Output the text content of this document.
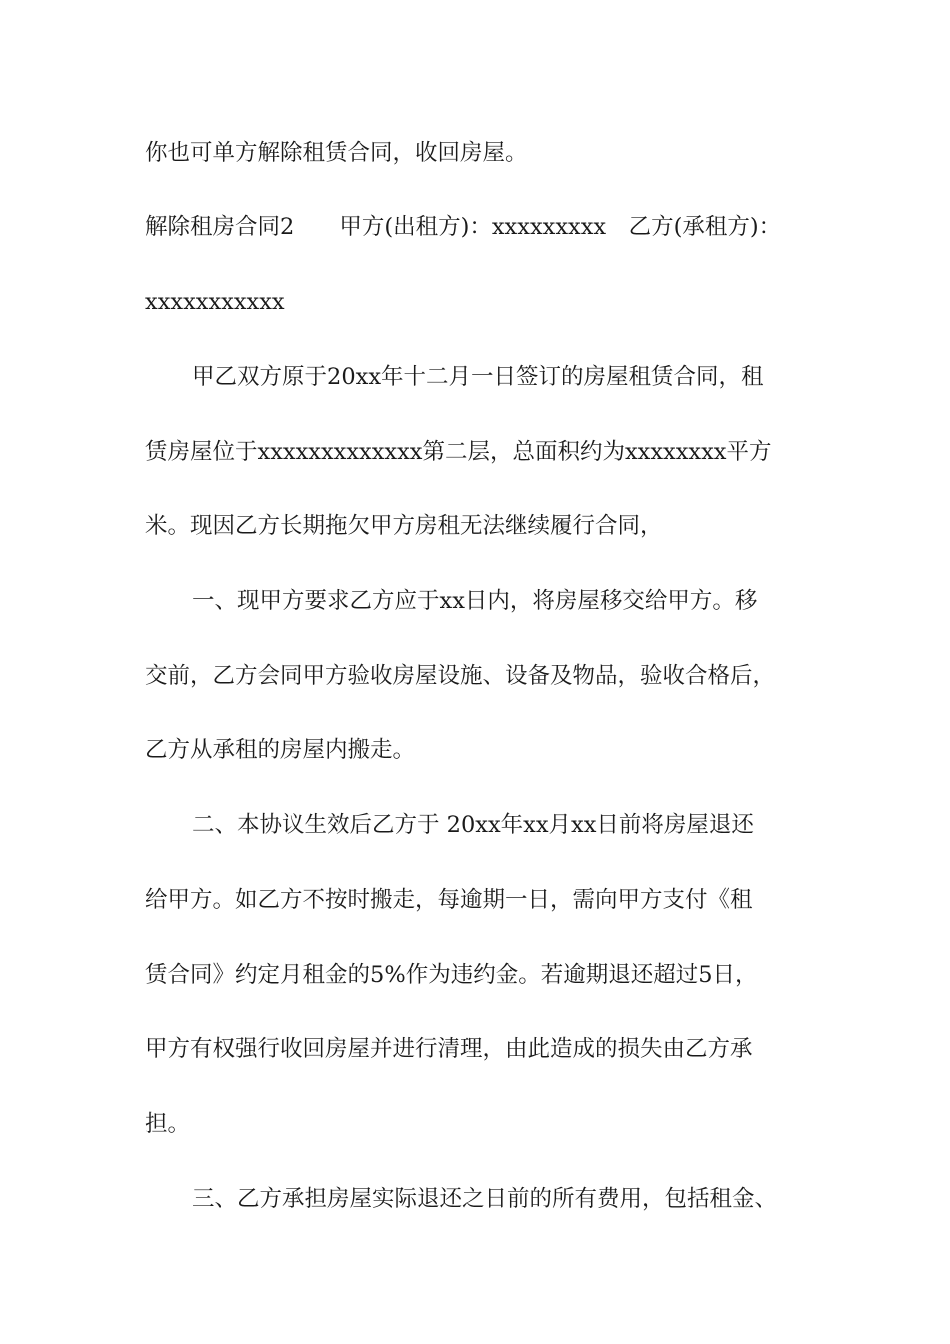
你也可单方解除租赁合同，收回房屋。
解除租房合同2　　甲方(出租方)：xxxxxxxxx　乙方(承租方)：
xxxxxxxxxxx
甲乙双方原于20xx年十二月一日签订的房屋租赁合同，租
赁房屋位于xxxxxxxxxxxxx第二层，总面积约为xxxxxxxx平方
米。现因乙方长期拖欠甲方房租无法继续履行合同，
一、现甲方要求乙方应于xx日内，将房屋移交给甲方。移
交前，乙方会同甲方验收房屋设施、设备及物品，验收合格后，
乙方从承租的房屋内搬走。
二、本协议生效后乙方于 20xx年xx月xx日前将房屋退还
给甲方。如乙方不按时搬走，每逾期一日，需向甲方支付《租
赁合同》约定月租金的5%作为违约金。若逾期退还超过5日，
甲方有权强行收回房屋并进行清理，由此造成的损失由乙方承
担。
三、乙方承担房屋实际退还之日前的所有费用，包括租金、
